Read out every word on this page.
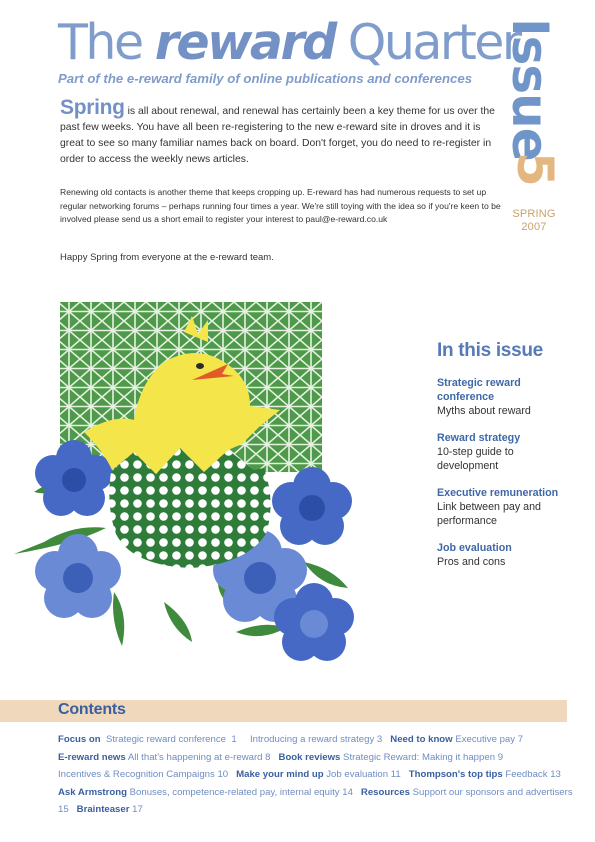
The reward Quarter
Part of the e-reward family of online publications and conferences Issue
5
SPRING
2007

Spring is all about renewal, and renewal has certainly been a key theme for us over the past few weeks. You have all been re-registering to the new e-reward site in droves and it is great to see so many familiar names back on board. Don't forget, you do need to re-register in order to access the weekly news articles.

Renewing old contacts is another theme that keeps cropping up. E-reward has had numerous requests to set up regular networking forums – perhaps running four times a year. We're still toying with the idea so if you're keen to be involved please send us a short email to register your interest to paul@e-reward.co.uk

Happy Spring from everyone at the e-reward team.

In this issue
Strategic reward conference
Myths about reward
Reward strategy
10-step guide to development
Executive remuneration
Link between pay and performance
Job evaluation
Pros and cons
Contents
Focus on Strategic reward conference 1 Introducing a reward strategy 3 Need to know Executive pay 7
E-reward news All that's happening at e-reward 8 Book reviews Strategic Reward: Making it happen 9
Incentives & Recognition Campaigns 10 Make your mind up Job evaluation 11 Thompson's top tips Feedback 13
Ask Armstrong Bonuses, competence-related pay, internal equity 14 Resources Support our sponsors and advertisers 15 Brainteaser 17
